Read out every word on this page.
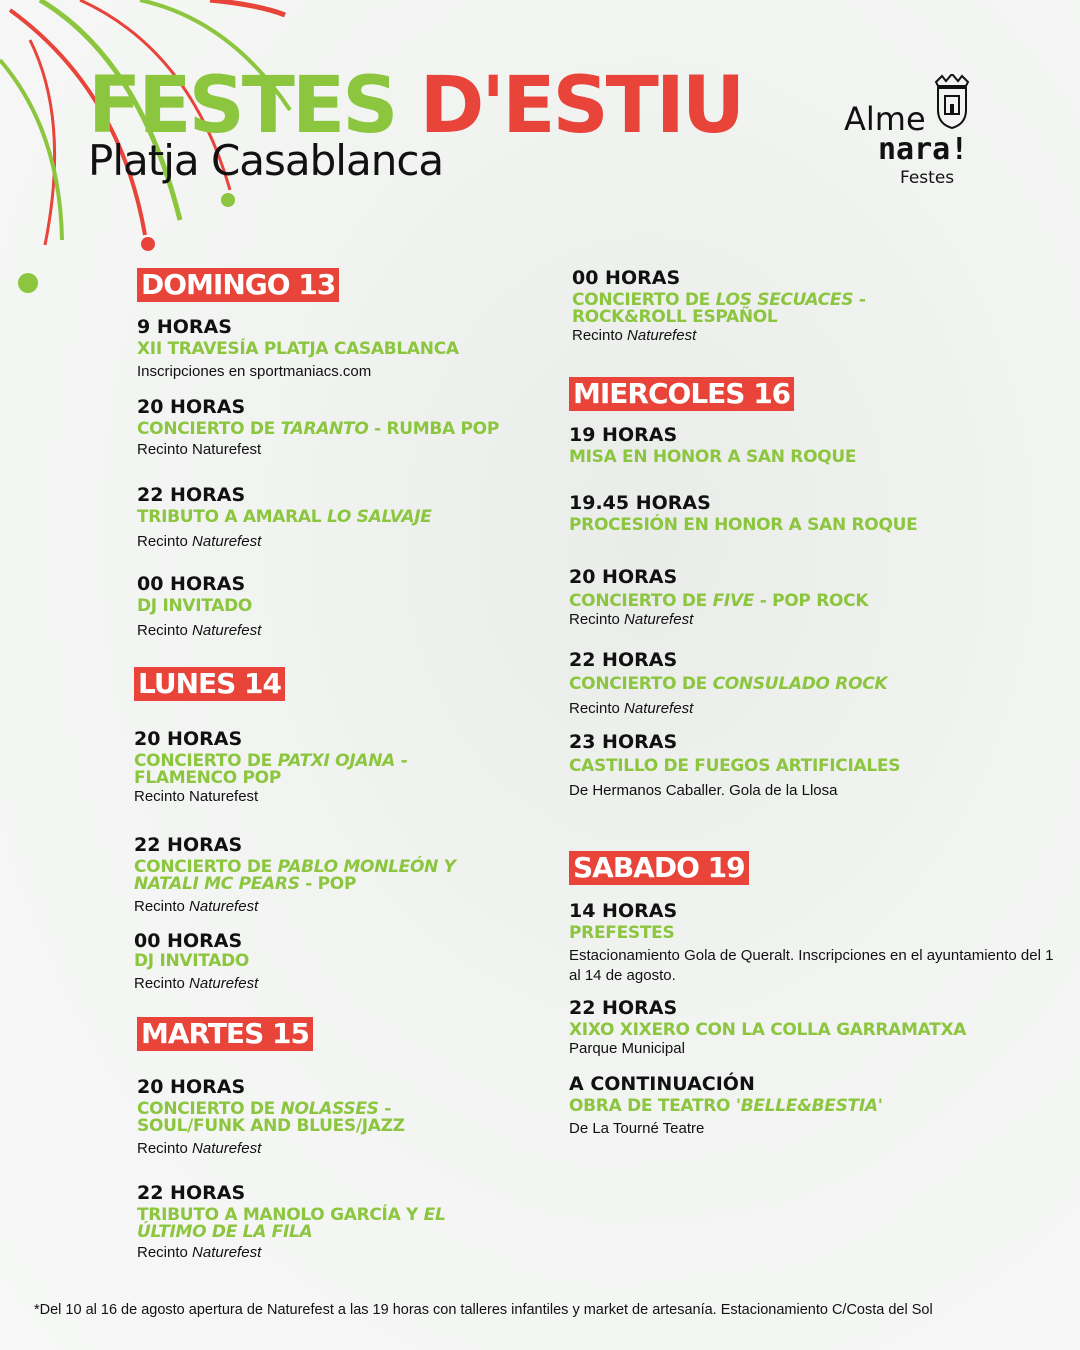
FESTES D'ESTIU
Platja Casablanca
Alme
nara!
Festes
DOMINGO 13
9 HORAS
XII TRAVESÍA PLATJA CASABLANCA
Inscripciones en sportmaniacs.com
20 HORAS
CONCIERTO DE TARANTO - RUMBA POP
Recinto Naturefest
22 HORAS
TRIBUTO A AMARAL LO SALVAJE
Recinto Naturefest
00 HORAS
DJ INVITADO
Recinto Naturefest
LUNES 14
20 HORAS
CONCIERTO DE PATXI OJANA - FLAMENCO POP
Recinto Naturefest
22 HORAS
CONCIERTO DE PABLO MONLEÓN Y NATALI MC PEARS - POP
Recinto Naturefest
00 HORAS
DJ INVITADO
Recinto Naturefest
MARTES 15
20 HORAS
CONCIERTO DE NOLASSES - SOUL/FUNK AND BLUES/JAZZ
Recinto Naturefest
22 HORAS
TRIBUTO A MANOLO GARCÍA Y EL ÚLTIMO DE LA FILA
Recinto Naturefest
00 HORAS
CONCIERTO DE LOS SECUACES - ROCK&ROLL ESPAÑOL
Recinto Naturefest
MIERCOLES 16
19 HORAS
MISA EN HONOR A SAN ROQUE
19.45 HORAS
PROCESIÓN EN HONOR A SAN ROQUE
20 HORAS
CONCIERTO DE FIVE - POP ROCK
Recinto Naturefest
22 HORAS
CONCIERTO DE CONSULADO ROCK
Recinto Naturefest
23 HORAS
CASTILLO DE FUEGOS ARTIFICIALES
De Hermanos Caballer. Gola de la Llosa
SABADO 19
14 HORAS
PREFESTES
Estacionamiento Gola de Queralt. Inscripciones en el ayuntamiento del 1 al 14 de agosto.
22 HORAS
XIXO XIXERO CON LA COLLA GARRAMATXA
Parque Municipal
A CONTINUACIÓN
OBRA DE TEATRO 'BELLE&BESTIA'
De La Tourné Teatre
*Del 10 al 16 de agosto apertura de Naturefest a las 19 horas con talleres infantiles y market de artesanía. Estacionamiento C/Costa del Sol
